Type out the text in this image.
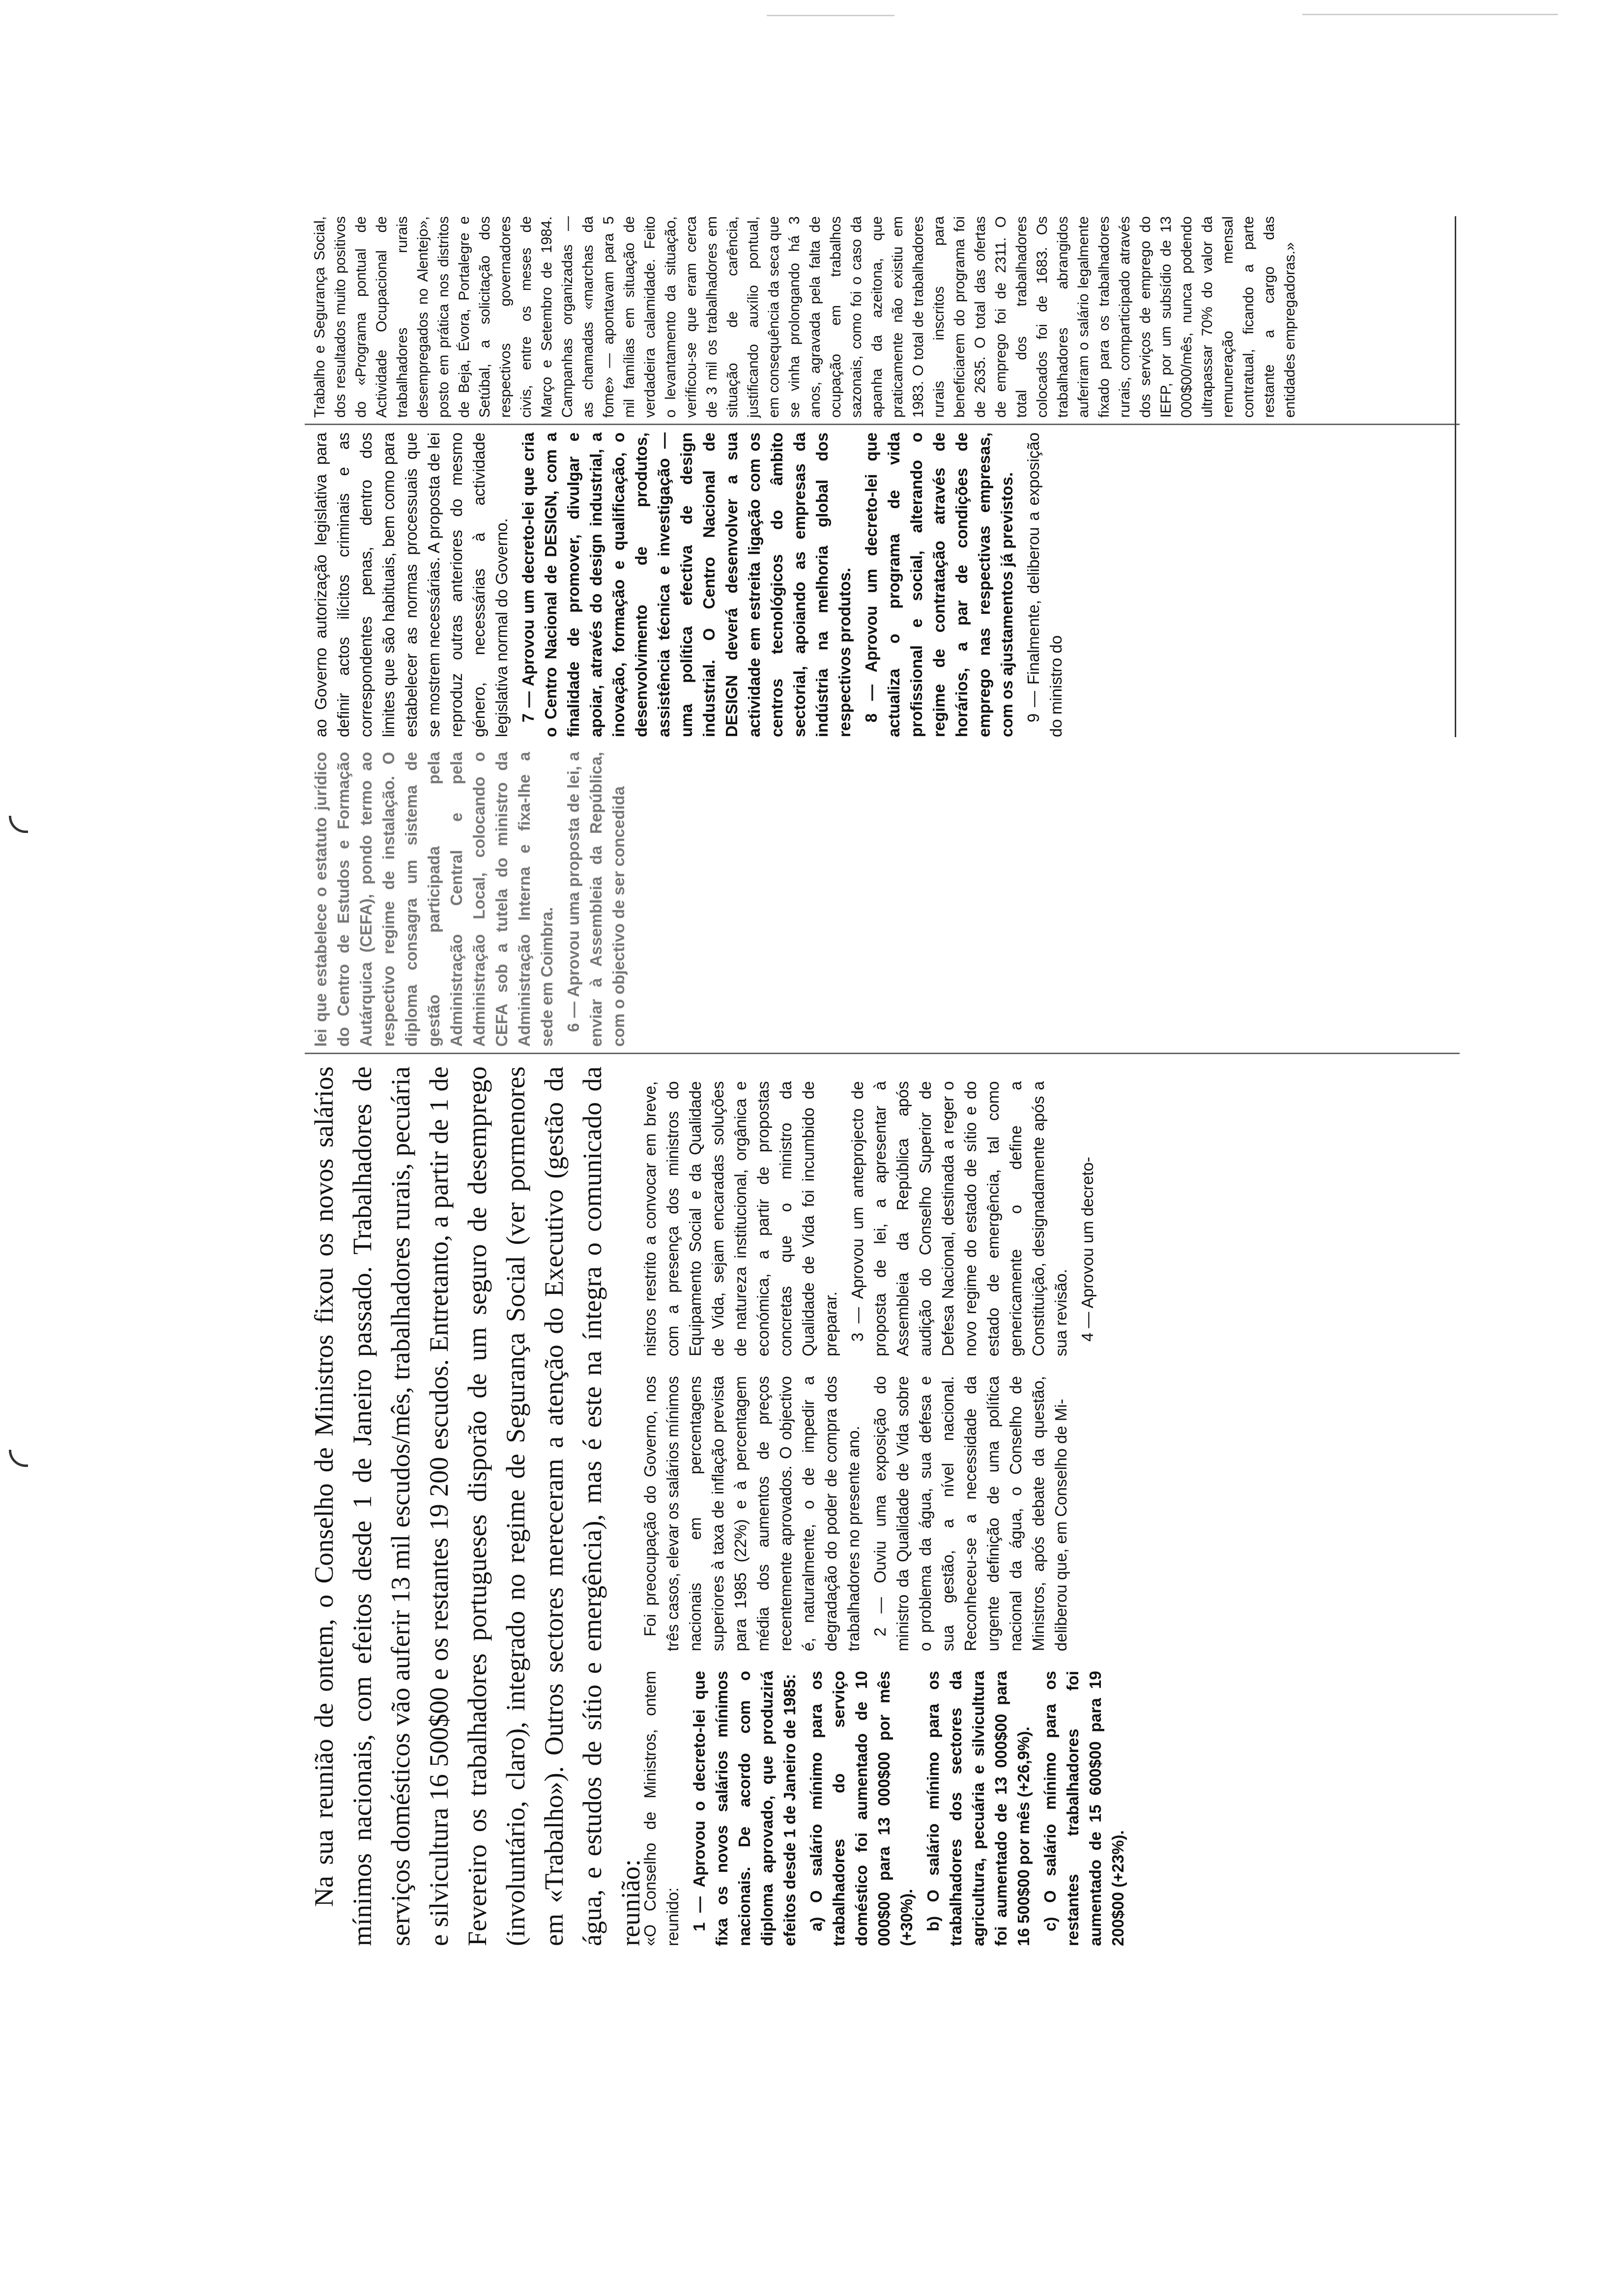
Na sua reunião de ontem, o Conselho de Ministros fixou os novos salários mínimos nacionais, com efeitos desde 1 de Janeiro passado. Trabalhadores de serviços domésticos vão auferir 13 mil escudos/mês, trabalhadores rurais, pecuária e silvicultura 16 500$00 e os restantes 19 200 escudos. Entretanto, a partir de 1 de Fevereiro os trabalhadores portugueses disporão de um seguro de desemprego (involuntário, claro), integrado no regime de Segurança Social (ver pormenores em «Trabalho»). Outros sectores mereceram a atenção do Executivo (gestão da água, e estudos de sítio e emergência), mas é este na íntegra o comunicado da reunião:

«O Conselho de Ministros, ontem reunido: 1 — Aprovou o decreto-lei que fixa os novos salários mínimos nacionais. De acordo com o diploma aprovado, que produzirá efeitos desde 1 de Janeiro de 1985: a) O salário mínimo para os trabalhadores do serviço doméstico foi aumentado de 10 000$00 para 13 000$00 por mês (+30%). b) O salário mínimo para os trabalhadores dos sectores da agricultura, pecuária e silvicultura foi aumentado de 13 000$00 para 16 500$00 por mês (+26,9%). c) O salário mínimo para os restantes trabalhadores foi aumentado de 15 600$00 para 19 200$00 (+23%).

Foi preocupação do Governo, nos três casos, elevar os salários mínimos nacionais em percentagens superiores à taxa de inflação prevista para 1985 (22%) e à percentagem média dos aumentos de preços recentemente aprovados. O objectivo é, naturalmente, o de impedir a degradação do poder de compra dos trabalhadores no presente ano. 2 — Ouviu uma exposição do ministro da Qualidade de Vida sobre o problema da água, sua defesa e sua gestão, a nível nacional. Reconheceu-se a necessidade da urgente definição de uma política nacional da água, o Conselho de Ministros, após debate da questão, deliberou que, em Conselho de Mi-

nistros restrito a convocar em breve, com a presença dos ministros do Equipamento Social e da Qualidade de Vida, sejam encaradas soluções de natureza institucional, orgânica e económica, a partir de propostas concretas que o ministro da Qualidade de Vida foi incumbido de preparar. 3 — Aprovou um anteprojecto de proposta de lei, a apresentar à Assembleia da República após audição do Conselho Superior de Defesa Nacional, destinada a reger o novo regime do estado de sítio e do estado de emergência, tal como genericamente o define a Constituição, designadamente após a sua revisão. 4 — Aprovou um decreto-

lei que estabelece o estatuto jurídico do Centro de Estudos e Formação Autárquica (CEFA), pondo termo ao respectivo regime de instalação. O diploma consagra um sistema de gestão participada pela Administração Central e pela Administração Local, colocando o CEFA sob a tutela do ministro da Administração Interna e fixa-lhe a sede em Coimbra. 6 — Aprovou uma proposta de lei, a enviar à Assembleia da República, com o objectivo de ser concedida

ao Governo autorização legislativa para definir actos ilícitos criminais e as correspondentes penas, dentro dos limites que são habituais, bem como para estabelecer as normas processuais que se mostrem necessárias. A proposta de lei reproduz outras anteriores do mesmo género, necessárias à actividade legislativa normal do Governo. 7 — Aprovou um decreto-lei que cria o Centro Nacional de DESIGN, com a finalidade de promover, divulgar e apoiar, através do design industrial, a inovação, formação e qualificação, o desenvolvimento de produtos, assistência técnica e investigação — uma política efectiva de design industrial. O Centro Nacional de DESIGN deverá desenvolver a sua actividade em estreita ligação com os centros tecnológicos do âmbito sectorial, apoiando as empresas da indústria na melhoria global dos respectivos produtos. 8 — Aprovou um decreto-lei que actualiza o programa de vida profissional e social, alterando o regime de contratação através de horários, a par de condições de emprego nas respectivas empresas, com os ajustamentos já previstos. 9 — Finalmente, deliberou a exposição do ministro do

Trabalho e Segurança Social, dos resultados muito positivos do «Programa pontual de Actividade Ocupacional de trabalhadores rurais desempregados no Alentejo», posto em prática nos distritos de Beja, Évora, Portalegre e Setúbal, a solicitação dos respectivos governadores civis, entre os meses de Março e Setembro de 1984. Campanhas organizadas — as chamadas «marchas da fome» — apontavam para 5 mil famílias em situação de verdadeira calamidade. Feito o levantamento da situação, verificou-se que eram cerca de 3 mil os trabalhadores em situação de carência, justificando auxílio pontual, em consequência da seca que se vinha prolongando há 3 anos, agravada pela falta de ocupação em trabalhos sazonais, como foi o caso da apanha da azeitona, que praticamente não existiu em 1983. O total de trabalhadores rurais inscritos para beneficiarem do programa foi de 2635. O total das ofertas de emprego foi de 2311. O total dos trabalhadores colocados foi de 1683. Os trabalhadores abrangidos auferiram o salário legalmente fixado para os trabalhadores rurais, comparticipado através dos serviços de emprego do IEFP, por um subsídio de 13 000$00/mês, nunca podendo ultrapassar 70% do valor da remuneração mensal contratual, ficando a parte restante a cargo das entidades empregadoras.»
